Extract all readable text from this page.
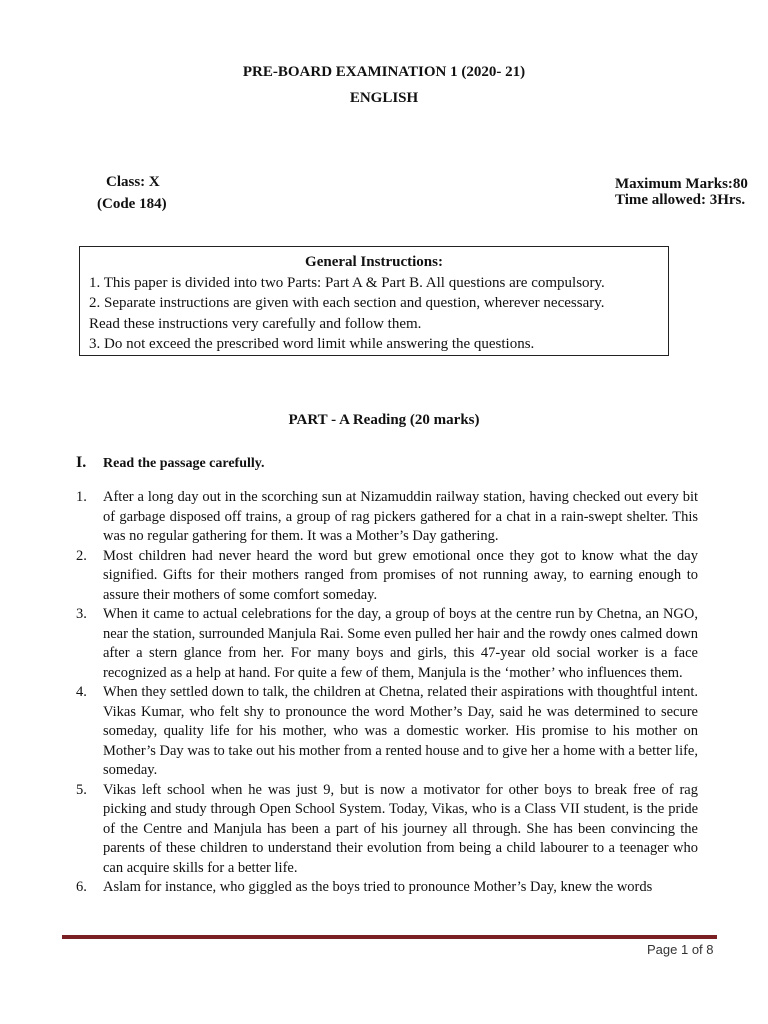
PRE-BOARD EXAMINATION 1 (2020- 21)
ENGLISH
Class: X
(Code 184)
Maximum Marks:80
Time allowed: 3Hrs.
General Instructions:
1. This paper is divided into two Parts: Part A & Part B. All questions are compulsory.
2. Separate instructions are given with each section and question, wherever necessary.
Read these instructions very carefully and follow them.
3. Do not exceed the prescribed word limit while answering the questions.
PART - A Reading (20 marks)
I. Read the passage carefully.
1.	After a long day out in the scorching sun at Nizamuddin railway station, having checked out every bit of garbage disposed off trains, a group of rag pickers gathered for a chat in a rain-swept shelter. This was no regular gathering for them. It was a Mother’s Day gathering.
2.	Most children had never heard the word but grew emotional once they got to know what the day signified. Gifts for their mothers ranged from promises of not running away, to earning enough to assure their mothers of some comfort someday.
3.	When it came to actual celebrations for the day, a group of boys at the centre run by Chetna, an NGO, near the station, surrounded Manjula Rai. Some even pulled her hair and the rowdy ones calmed down after a stern glance from her. For many boys and girls, this 47-year old social worker is a face recognized as a help at hand. For quite a few of them, Manjula is the ‘mother’ who influences them.
4.	When they settled down to talk, the children at Chetna, related their aspirations with thoughtful intent. Vikas Kumar, who felt shy to pronounce the word Mother’s Day, said he was determined to secure someday, quality life for his mother, who was a domestic worker. His promise to his mother on Mother’s Day was to take out his mother from a rented house and to give her a home with a better life, someday.
5.	Vikas left school when he was just 9, but is now a motivator for other boys to break free of rag picking and study through Open School System. Today, Vikas, who is a Class VII student, is the pride of the Centre and Manjula has been a part of his journey all through. She has been convincing the parents of these children to understand their evolution from being a child labourer to a teenager who can acquire skills for a better life.
6.	Aslam for instance, who giggled as the boys tried to pronounce Mother’s Day, knew the words
Page 1 of 8
